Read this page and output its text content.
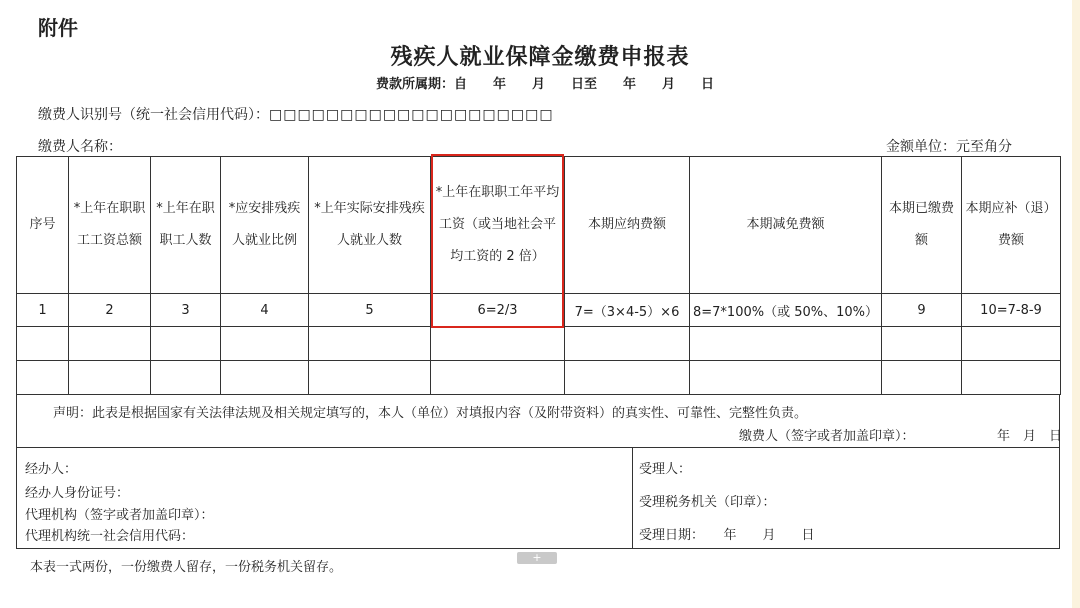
附件
残疾人就业保障金缴费申报表
费款所属期：自　　年　　月　　日至　　年　　月　　日
缴费人识别号（统一社会信用代码）：□□□□□□□□□□□□□□□□□□□□
缴费人名称：	金额单位：元至角分
序号	*上年在职职工工资总额	*上年在职职工人数	*应安排残疾人就业比例	*上年实际安排残疾人就业人数	*上年在职职工年平均工资（或当地社会平均工资的 2 倍）	本期应纳费额	本期减免费额	本期已缴费额	本期应补（退）费额
1	2	3	4	5	6=2/3	7=（3×4-5）×6	8=7*100%（或 50%、10%）	9	10=7-8-9

声明：此表是根据国家有关法律法规及相关规定填写的，本人（单位）对填报内容（及附带资料）的真实性、可靠性、完整性负责。
缴费人（签字或者加盖印章）：	年　月　日
经办人：
经办人身份证号：
代理机构（签字或者加盖印章）：
代理机构统一社会信用代码：
受理人：
受理税务机关（印章）：
受理日期：　　 年　　月　　日
本表一式两份，一份缴费人留存，一份税务机关留存。
+
